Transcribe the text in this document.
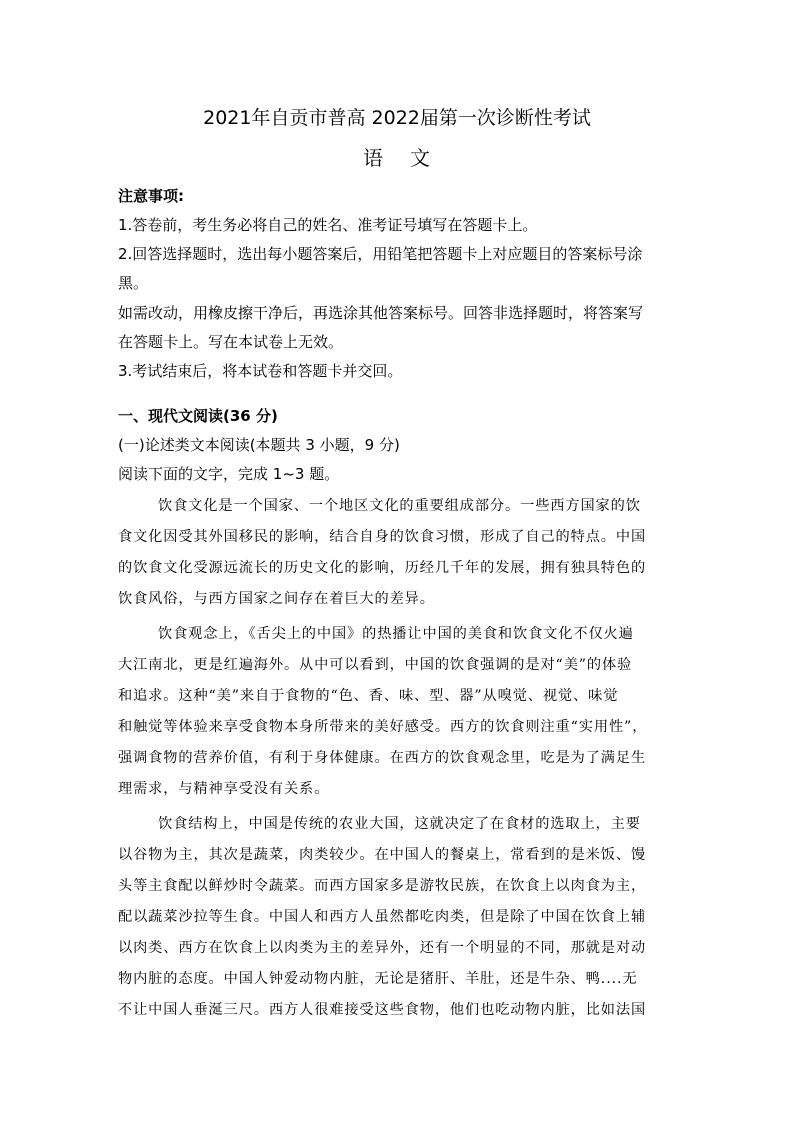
2021年自贡市普高 2022届第一次诊断性考试
语 文
注意事项:
1.答卷前，考生务必将自己的姓名、准考证号填写在答题卡上。
2.回答选择题时，选出每小题答案后，用铅笔把答题卡上对应题目的答案标号涂
黑。
如需改动，用橡皮擦干净后，再选涂其他答案标号。回答非选择题时，将答案写
在答题卡上。写在本试卷上无效。
3.考试结束后，将本试卷和答题卡并交回。
一、现代文阅读(36 分)
(一)论述类文本阅读(本题共 3 小题，9 分)
阅读下面的文字，完成 1~3 题。
饮食文化是一个国家、一个地区文化的重要组成部分。一些西方国家的饮
食文化因受其外国移民的影响，结合自身的饮食习惯，形成了自己的特点。中国
的饮食文化受源远流长的历史文化的影响，历经几千年的发展，拥有独具特色的
饮食风俗，与西方国家之间存在着巨大的差异。
饮食观念上，《舌尖上的中国》的热播让中国的美食和饮食文化不仅火遍
大江南北，更是红遍海外。从中可以看到，中国的饮食强调的是对“美”的体验
和追求。这种“美”来自于食物的“色、香、味、型、器”从嗅觉、视觉、味觉
和触觉等体验来享受食物本身所带来的美好感受。西方的饮食则注重“实用性”，
强调食物的营养价值，有利于身体健康。在西方的饮食观念里，吃是为了满足生
理需求，与精神享受没有关系。
饮食结构上，中国是传统的农业大国，这就决定了在食材的选取上，主要
以谷物为主，其次是蔬菜，肉类较少。在中国人的餐桌上，常看到的是米饭、馒
头等主食配以鲜炒时令蔬菜。而西方国家多是游牧民族，在饮食上以肉食为主，
配以蔬菜沙拉等生食。中国人和西方人虽然都吃肉类，但是除了中国在饮食上辅
以肉类、西方在饮食上以肉类为主的差异外，还有一个明显的不同，那就是对动
物内脏的态度。中国人钟爱动物内脏，无论是猪肝、羊肚，还是牛杂、鸭....无
不让中国人垂涎三尺。西方人很难接受这些食物，他们也吃动物内脏，比如法国
